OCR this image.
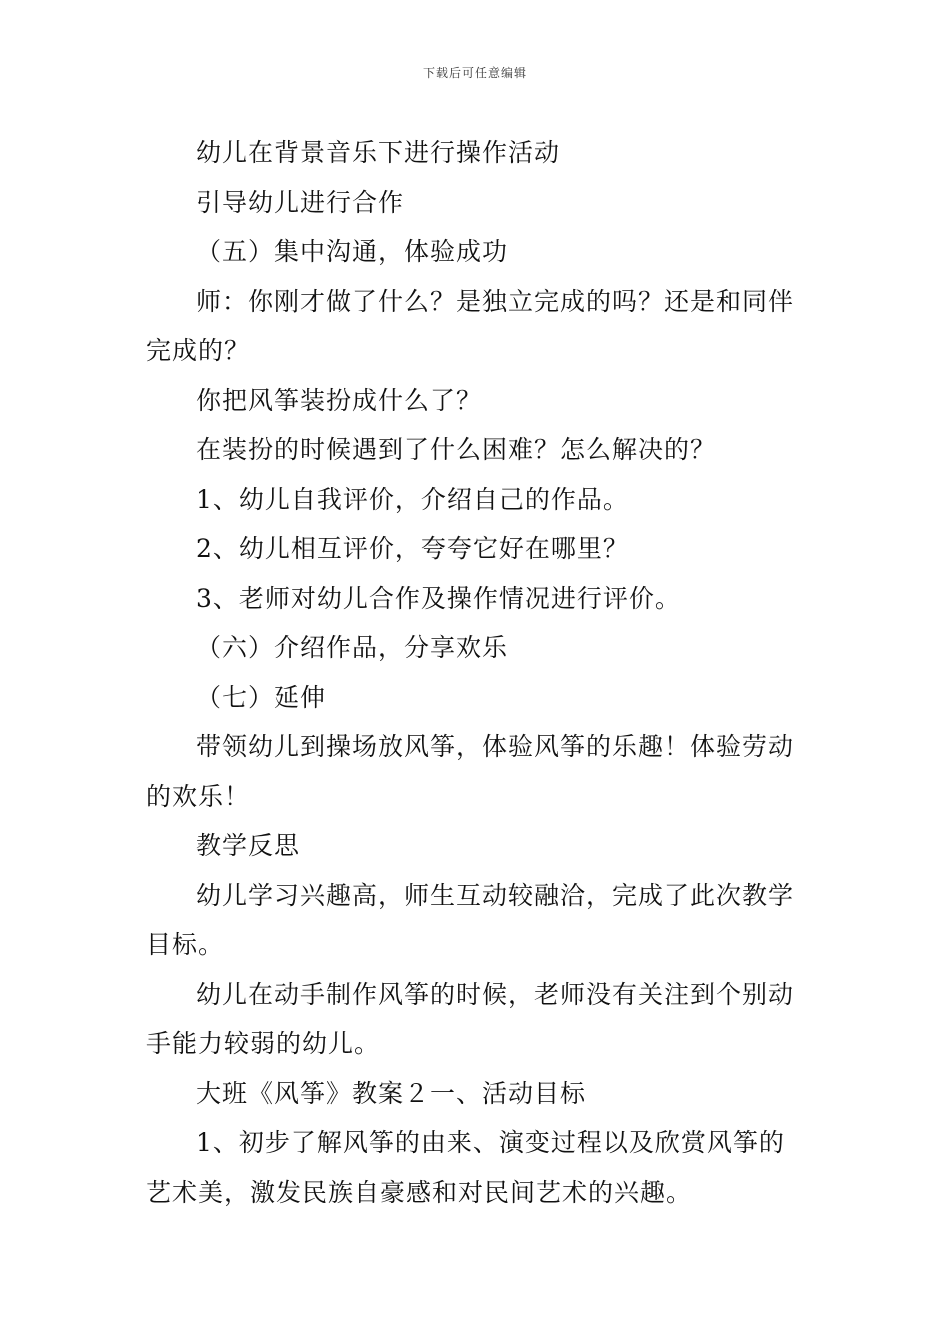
下载后可任意编辑

幼儿在背景音乐下进行操作活动

引导幼儿进行合作

（五）集中沟通，体验成功

师：你刚才做了什么？是独立完成的吗？还是和同伴完成的？

你把风筝装扮成什么了？

在装扮的时候遇到了什么困难？怎么解决的？

1、幼儿自我评价，介绍自己的作品。

2、幼儿相互评价，夸夸它好在哪里？

3、老师对幼儿合作及操作情况进行评价。

（六）介绍作品，分享欢乐

（七）延伸

带领幼儿到操场放风筝，体验风筝的乐趣！体验劳动的欢乐！

教学反思

幼儿学习兴趣高，师生互动较融洽，完成了此次教学目标。

幼儿在动手制作风筝的时候，老师没有关注到个别动手能力较弱的幼儿。

大班《风筝》教案２一、活动目标

1、初步了解风筝的由来、演变过程以及欣赏风筝的艺术美，激发民族自豪感和对民间艺术的兴趣。
